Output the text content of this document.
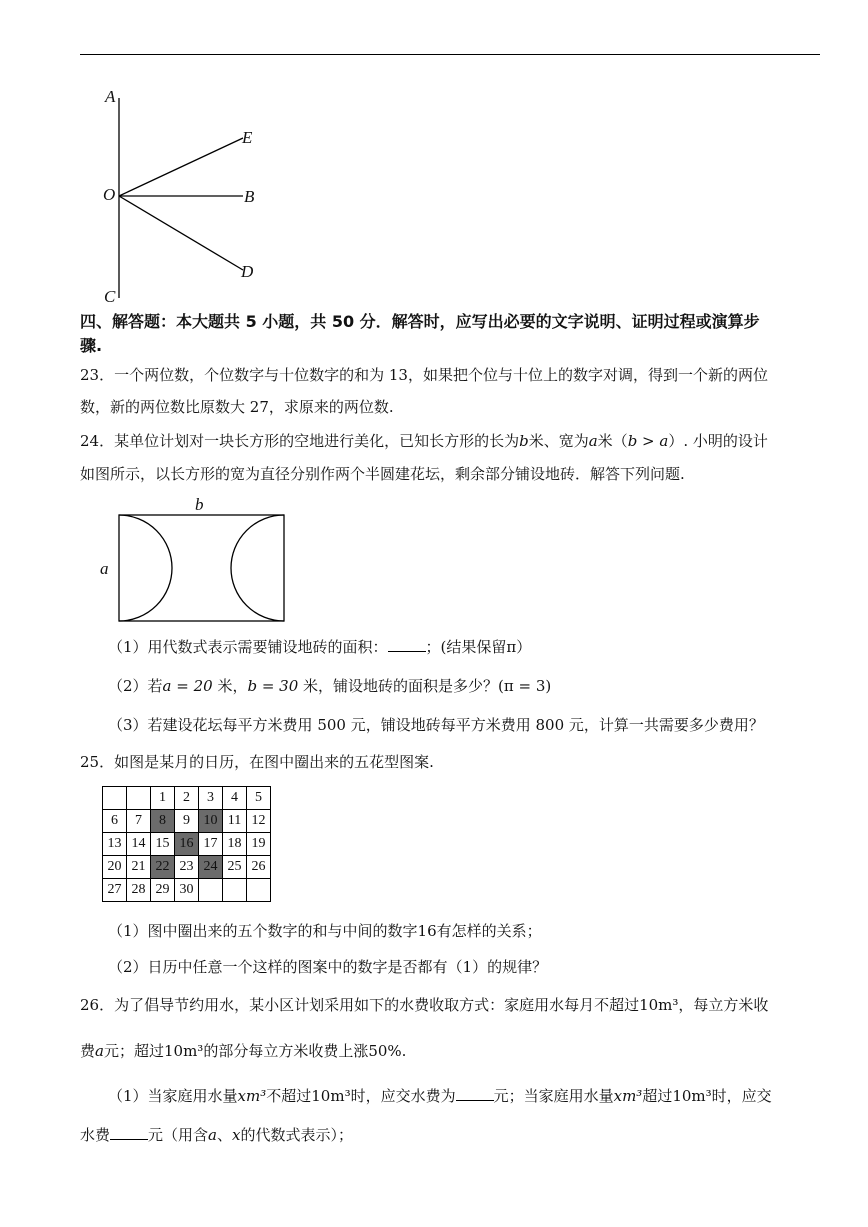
A
E
O	B
D
C
四、解答题：本大题共 5 小题，共 50 分．解答时，应写出必要的文字说明、证明过程或演算步
骤.
23．一个两位数，个位数字与十位数字的和为 13，如果把个位与十位上的数字对调，得到一个新的两位
数，新的两位数比原数大 27，求原来的两位数.
24．某单位计划对一块长方形的空地进行美化，已知长方形的长为b米、宽为a米（b > a）. 小明的设计
如图所示，以长方形的宽为直径分别作两个半圆建花坛，剩余部分铺设地砖．解答下列问题.
b
a
（1）用代数式表示需要铺设地砖的面积：	；(结果保留π）
（2）若a = 20 米，b = 30 米，铺设地砖的面积是多少？(π = 3)
（3）若建设花坛每平方米费用 500 元，铺设地砖每平方米费用 800 元，计算一共需要多少费用？
25．如图是某月的日历，在图中圈出来的五花型图案.
		1	2	3	4	5
6	7	8	9	10	11	12
13	14	15	16	17	18	19
20	21	22	23	24	25	26
27	28	29	30			
（1）图中圈出来的五个数字的和与中间的数字16有怎样的关系；
（2）日历中任意一个这样的图案中的数字是否都有（1）的规律？
26．为了倡导节约用水，某小区计划采用如下的水费收取方式：家庭用水每月不超过10m³，每立方米收
费a元；超过10m³的部分每立方米收费上涨50%.
（1）当家庭用水量xm³不超过10m³时，应交水费为	元；当家庭用水量xm³超过10m³时，应交
水费	元（用含a、x的代数式表示）；
